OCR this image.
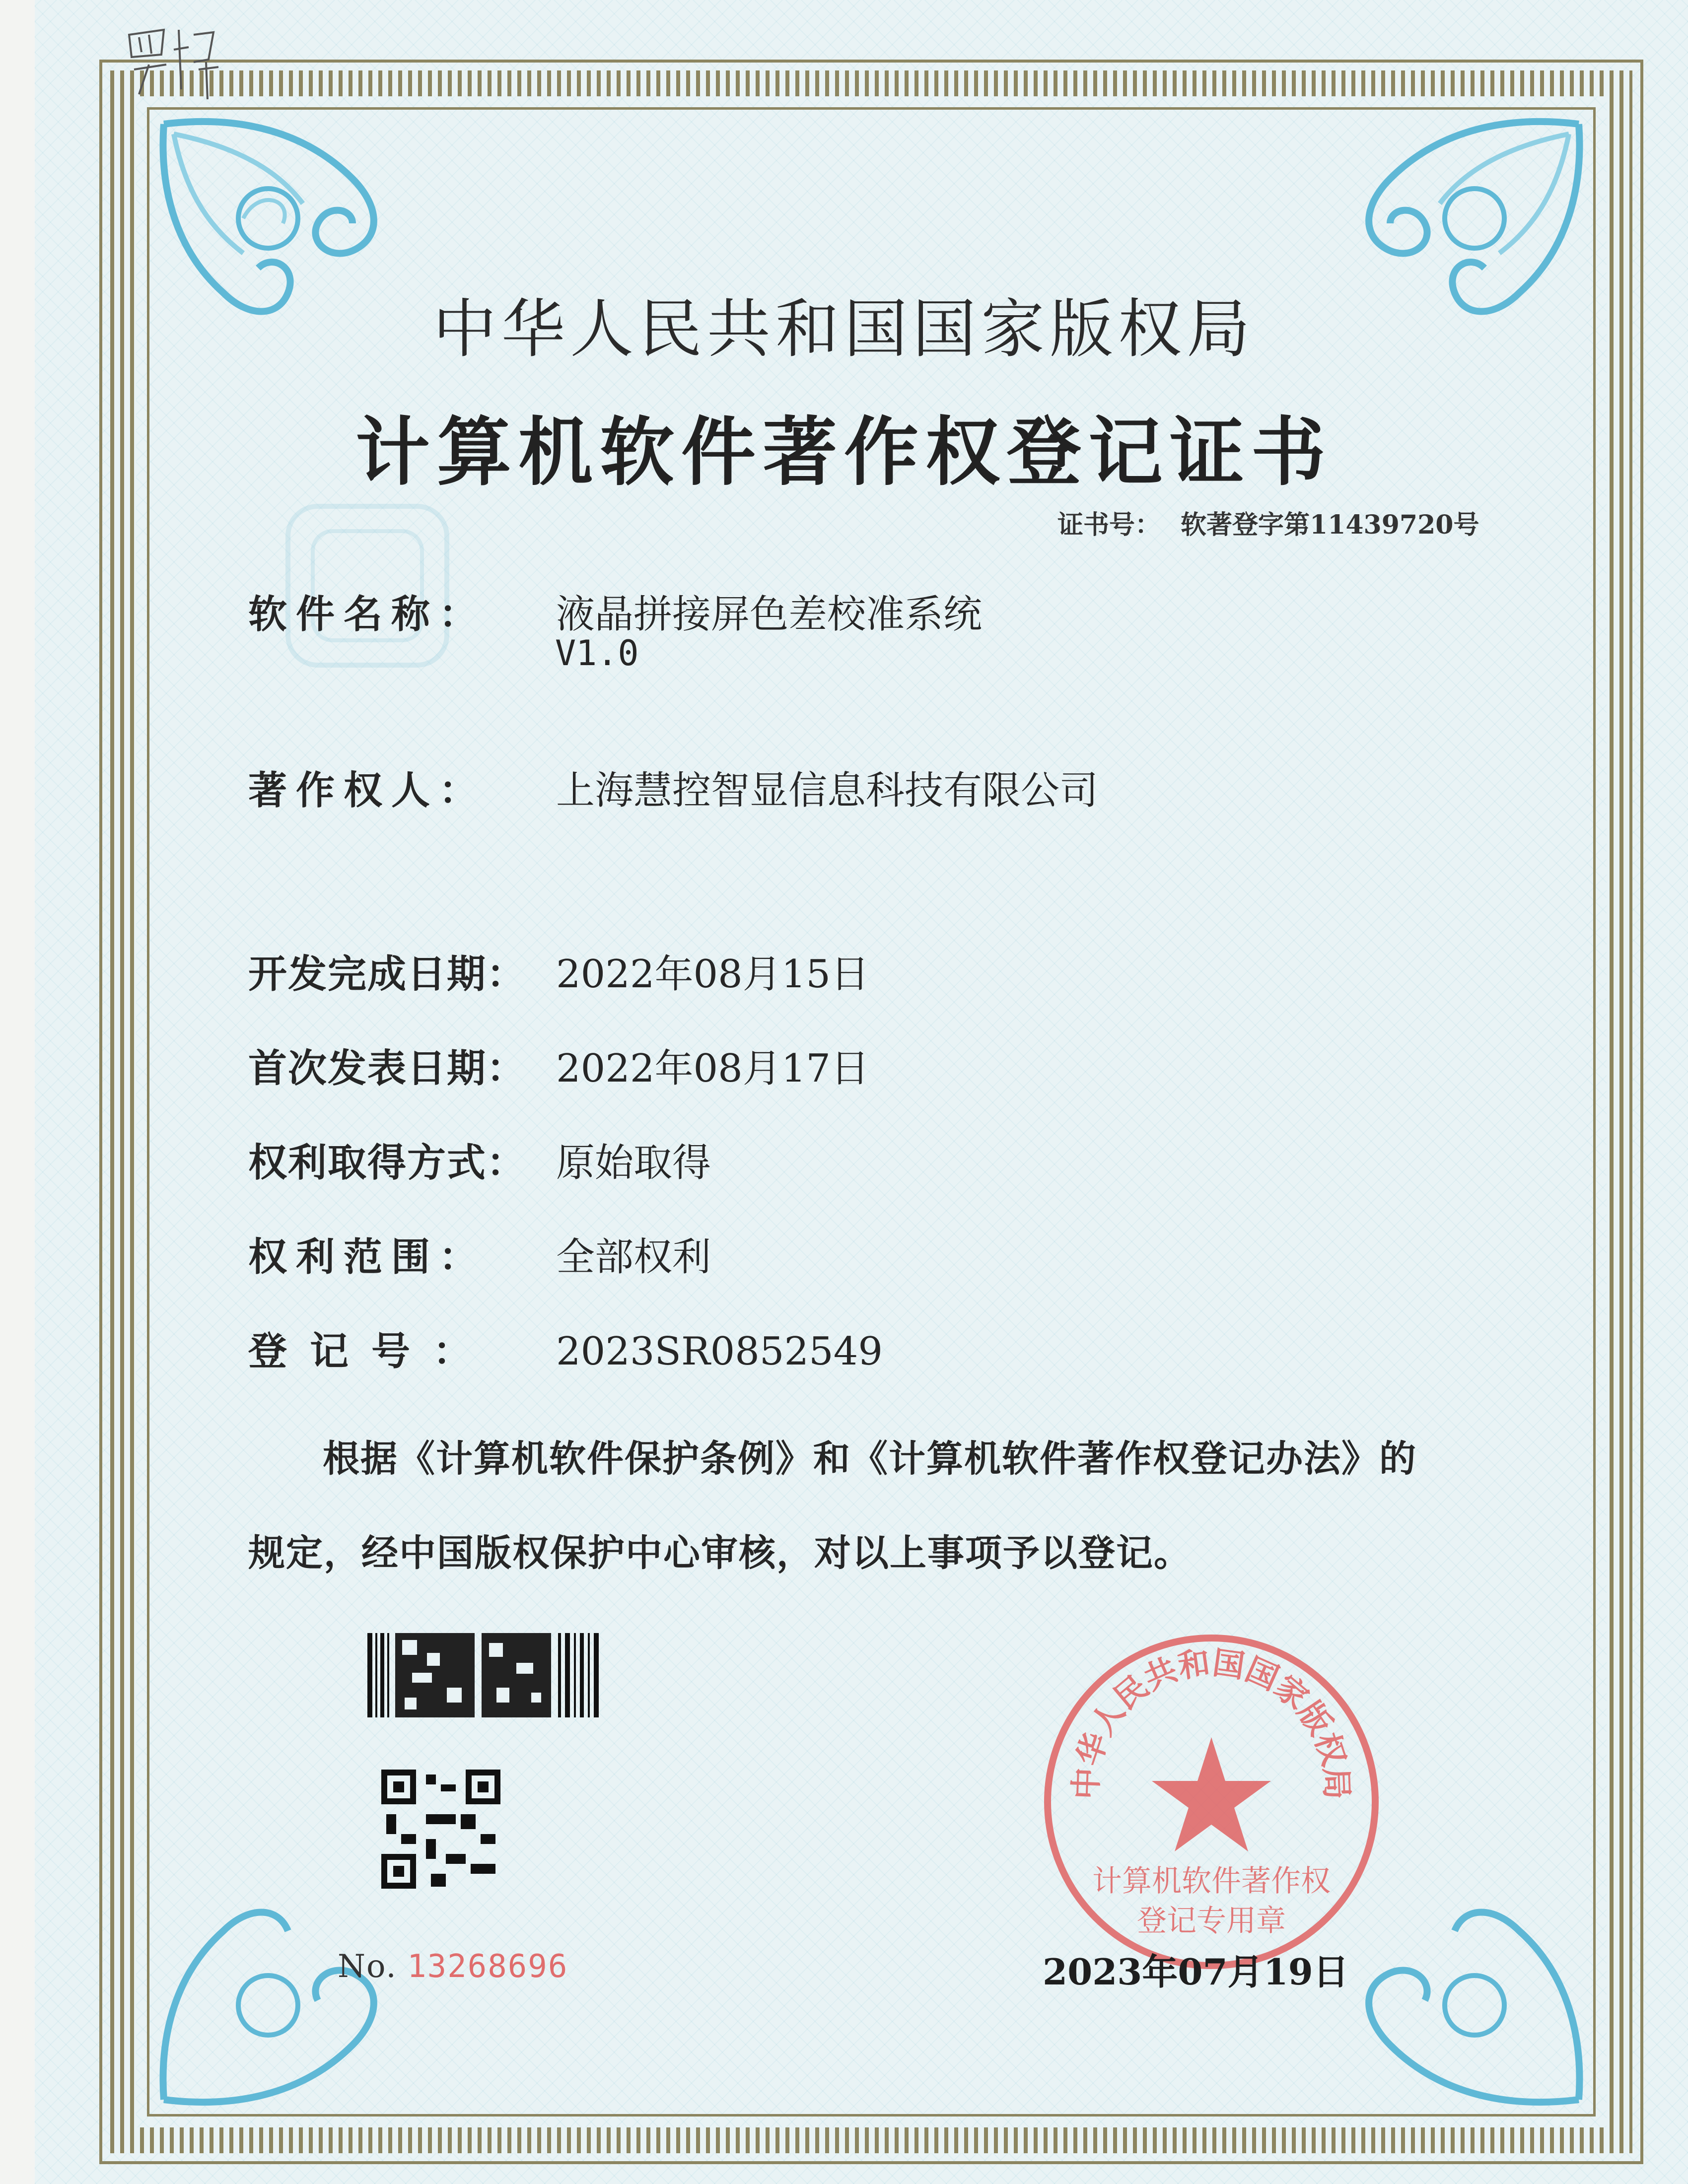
中华人民共和国国家版权局
计算机软件著作权登记证书
证书号： 软著登字第11439720号
软件名称： 液晶拼接屏色差校准系统
V1.0
著作权人： 上海慧控智显信息科技有限公司
开发完成日期： 2022年08月15日
首次发表日期： 2022年08月17日
权利取得方式： 原始取得
权利范围： 全部权利
登记号： 2023SR0852549
根据《计算机软件保护条例》和《计算机软件著作权登记办法》的
规定，经中国版权保护中心审核，对以上事项予以登记。
No. 13268696
中华人民共和国国家版权局
计算机软件著作权
登记专用章
2023年07月19日
